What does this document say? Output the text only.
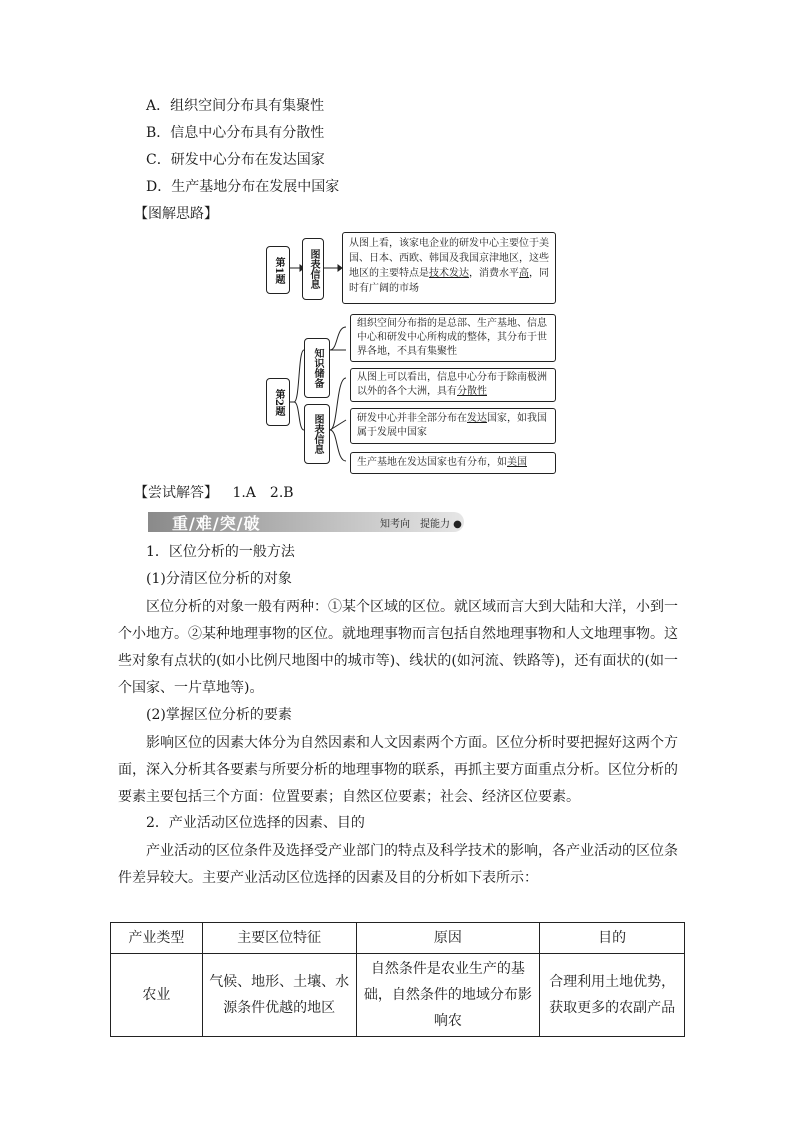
A．组织空间分布具有集聚性
B．信息中心分布具有分散性
C．研发中心分布在发达国家
D．生产基地分布在发展中国家
【图解思路】
第1题	图表信息
从图上看，该家电企业的研发中心主要位于美国、日本、西欧、韩国及我国京津地区，这些地区的主要特点是技术发达，消费水平高，同时有广阔的市场
第2题
知识储备
图表信息
组织空间分布指的是总部、生产基地、信息中心和研发中心所构成的整体，其分布于世界各地，不具有集聚性
从图上可以看出，信息中心分布于除南极洲以外的各个大洲，具有分散性
研发中心并非全部分布在发达国家，如我国属于发展中国家
生产基地在发达国家也有分布，如美国
【尝试解答】 1.A　2.B
重/难/突/破	知考向　提能力 ●
1．区位分析的一般方法
(1)分清区位分析的对象
区位分析的对象一般有两种：①某个区域的区位。就区域而言大到大陆和大洋，小到一个小地方。②某种地理事物的区位。就地理事物而言包括自然地理事物和人文地理事物。这些对象有点状的(如小比例尺地图中的城市等)、线状的(如河流、铁路等)，还有面状的(如一个国家、一片草地等)。
(2)掌握区位分析的要素
影响区位的因素大体分为自然因素和人文因素两个方面。区位分析时要把握好这两个方面，深入分析其各要素与所要分析的地理事物的联系，再抓主要方面重点分析。区位分析的要素主要包括三个方面：位置要素；自然区位要素；社会、经济区位要素。
2．产业活动区位选择的因素、目的
产业活动的区位条件及选择受产业部门的特点及科学技术的影响，各产业活动的区位条件差异较大。主要产业活动区位选择的因素及目的分析如下表所示：
产业类型	主要区位特征	原因	目的
农业	气候、地形、土壤、水源条件优越的地区	自然条件是农业生产的基础，自然条件的地域分布影响农	合理利用土地优势，获取更多的农副产品
